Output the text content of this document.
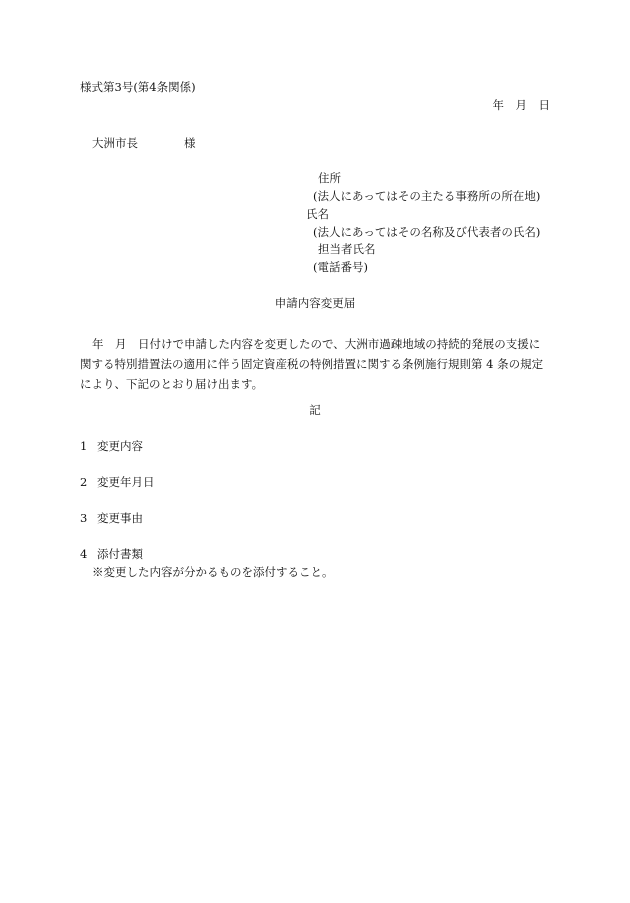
様式第3号(第4条関係)
年　月　日
大洲市長	様
住所
(法人にあってはその主たる事務所の所在地)
氏名
(法人にあってはその名称及び代表者の氏名)
担当者氏名
(電話番号)
申請内容変更届
年　月　日付けで申請した内容を変更したので、大洲市過疎地域の持続的発展の支援に
関する特別措置法の適用に伴う固定資産税の特例措置に関する条例施行規則第 4 条の規定
により、下記のとおり届け出ます。
記
1 変更内容
2 変更年月日
3 変更事由
4 添付書類
※変更した内容が分かるものを添付すること。
